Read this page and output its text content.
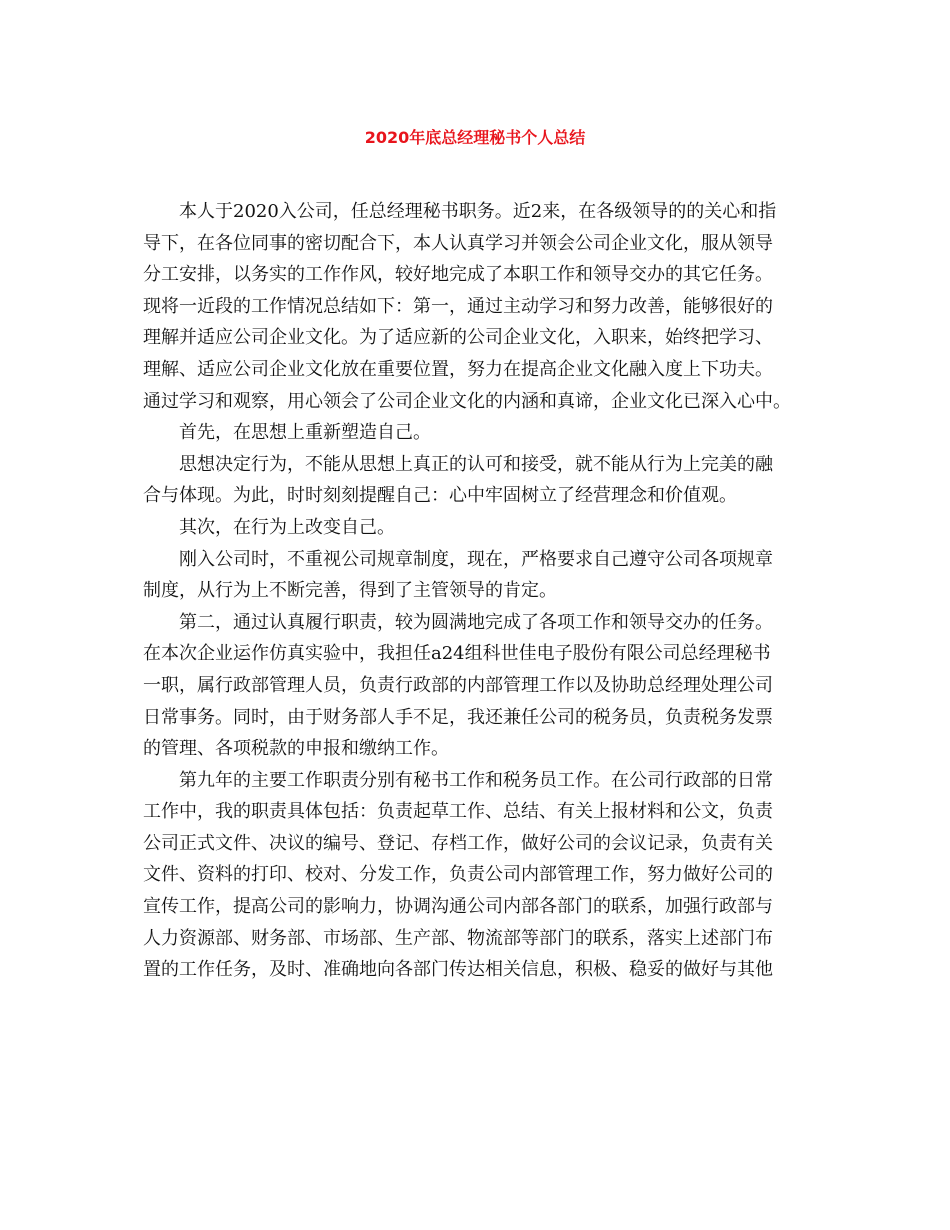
2020年底总经理秘书个人总结

本人于2020入公司，任总经理秘书职务。近2来，在各级领导的的关心和指

导下，在各位同事的密切配合下，本人认真学习并领会公司企业文化，服从领导

分工安排，以务实的工作作风，较好地完成了本职工作和领导交办的其它任务。

现将一近段的工作情况总结如下：第一，通过主动学习和努力改善，能够很好的

理解并适应公司企业文化。为了适应新的公司企业文化，入职来，始终把学习、

理解、适应公司企业文化放在重要位置，努力在提高企业文化融入度上下功夫。

通过学习和观察，用心领会了公司企业文化的内涵和真谛，企业文化已深入心中。

首先，在思想上重新塑造自己。

思想决定行为，不能从思想上真正的认可和接受，就不能从行为上完美的融

合与体现。为此，时时刻刻提醒自己：心中牢固树立了经营理念和价值观。

其次，在行为上改变自己。

刚入公司时，不重视公司规章制度，现在，严格要求自己遵守公司各项规章

制度，从行为上不断完善，得到了主管领导的肯定。

第二，通过认真履行职责，较为圆满地完成了各项工作和领导交办的任务。

在本次企业运作仿真实验中，我担任a24组科世佳电子股份有限公司总经理秘书

一职，属行政部管理人员，负责行政部的内部管理工作以及协助总经理处理公司

日常事务。同时，由于财务部人手不足，我还兼任公司的税务员，负责税务发票

的管理、各项税款的申报和缴纳工作。

第九年的主要工作职责分别有秘书工作和税务员工作。在公司行政部的日常

工作中，我的职责具体包括：负责起草工作、总结、有关上报材料和公文，负责

公司正式文件、决议的编号、登记、存档工作，做好公司的会议记录，负责有关

文件、资料的打印、校对、分发工作，负责公司内部管理工作，努力做好公司的

宣传工作，提高公司的影响力，协调沟通公司内部各部门的联系，加强行政部与

人力资源部、财务部、市场部、生产部、物流部等部门的联系，落实上述部门布

置的工作任务，及时、准确地向各部门传达相关信息，积极、稳妥的做好与其他
